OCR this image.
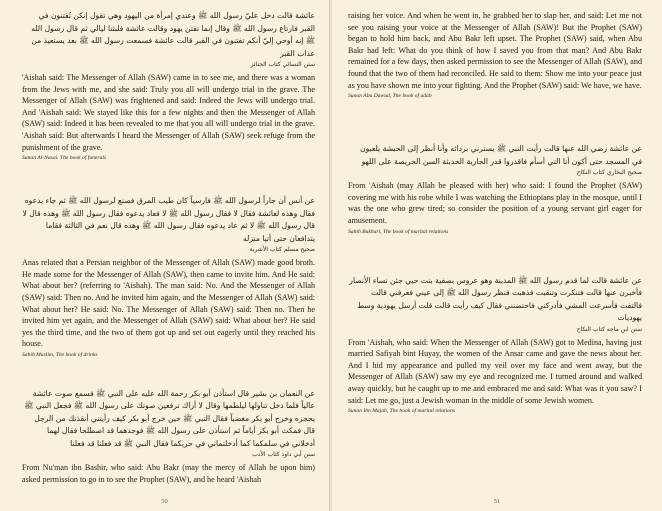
عائشة قالت دخل عليّ رسول الله ﷺ وعندي إمرأة من اليهود وهي تقول إنكن تُفتنون في القبر فارتاع رسول الله ﷺ وقال إنما تفتن يهود وقالت عائشة فلبثنا ليالي ثم قال رسول الله ﷺ إنه أوحي إليّ أنكم تفتنون في القبر قالت عائشة فسمعت رسول الله ﷺ بعد يستعيذ من عذاب القبر
سنن النسائي كتاب الجنائز

'Aishah said: The Messenger of Allah (SAW) came in to see me, and there was a woman from the Jews with me, and she said: Truly you all will undergo trial in the grave. The Messenger of Allah (SAW) was frightened and said: Indeed the Jews will undergo trial. And 'Aishah said: We stayed like this for a few nights and then the Messenger of Allah (SAW) said: Indeed it has been revealed to me that you all will undergo trial in the grave. 'Aishah said: But afterwards I heard the Messenger of Allah (SAW) seek refuge from the punishment of the grave.

Sunan Al-Nasai. The book of funerals

عن أنس أن جاراً لرسول الله ﷺ فارسياً كان طيب المرق فصنع لرسول الله ﷺ ثم جاء يدعوه فقال وهذه لعائشة فقال لا فقال رسول الله ﷺ لا فعاد يدعوه فقال رسول الله ﷺ وهذه قال لا قال رسول الله ﷺ لا ثم عاد يدعوه فقال رسول الله ﷺ وهذه قال نعم في الثالثة فقاما يتدافعان حتى أتيا منزله
صحيح مسلم كتاب الأشربة

Anas related that a Persian neighbor of the Messenger of Allah (SAW) made good broth. He made some for the Messenger of Allah (SAW), then came to invite him. And He said: What about her? (referring to 'Aishah). The man said: No. And the Messenger of Allah (SAW) said: Then no. And he invited him again, and the Messenger of Allah (SAW) said: What about her? He said: No. The Messenger of Allah (SAW) said: Then no. Then he invited him yet again, and the Messenger of Allah (SAW) said: What about her? He said yes the third time, and the two of them got up and set out eagerly until they reached his house.

Sahih Muslim, The book of drinks

عن النعمان بن بشير قال استأذن أبو بكر رحمة الله عليه على النبي ﷺ فسمع صوت عائشة عالياً فلما دخل تناولها ليلطمها وقال لا أراك ترفعين صوتك على رسول الله ﷺ فجعل النبي ﷺ يحجزه وخرج أبو بكر مغضباً فقال النبي ﷺ حين خرج أبو بكر كيف رأيتني أنقذتك من الرجل قال فمكث أبو بكر أياماً ثم استأذن على رسول الله ﷺ فوجدهما قد اصطلحا فقال لهما أدخلاني في سلمكما كما أدخلتماني في حربكما فقال النبي ﷺ قد فعلنا قد فعلنا
سنن أبي داود كتاب الأدب

From Nu'man ibn Bashir, who said: Abu Bakr (may the mercy of Allah be upon him) asked permission to go in to see the Prophet (SAW), and he heard 'Aishah

50

raising her voice. And when he went in, he grabbed her to slap her, and said: Let me not see you raising your voice at the Messenger of Allah (SAW)! But the Prophet (SAW) began to hold him back, and Abu Bakr left upset. The Prophet (SAW) said, when Abu Bakr had left: What do you think of how I saved you from that man? And Abu Bakr remained for a few days, then asked permission to see the Messenger of Allah (SAW), and found that the two of them had reconciled. He said to them: Show me into your peace just as you have shown me into your fighting. And the Prophet (SAW) said: We have, we have.

Sunan Abu Dawud, The book of adab

عن عائشة رضي الله عنها قالت رأيت النبي ﷺ يسترني بردائه وأنا أنظر إلى الحبشة يلعبون في المسجد حتى أكون أنا التي أسأم فاقدروا قدر الجارية الحديثة السن الحريصة على اللهو
صحيح البخاري كتاب النكاح

From 'Aishah (may Allah be pleased with her) who said: I found the Prophet (SAW) covering me with his robe while I was watching the Ethiopians play in the mosque, until I was the one who grew tired; so consider the position of a young servant girl eager for amusement.

Sahih Bukhari, The book of marital relations

عن عائشة قالت لما قدم رسول الله ﷺ المدينة وهو عروس بصفية بنت حيي جئن نساء الأنصار فأخبرن عنها قالت فتنكرت وتنقبت فذهبت فنظر رسول الله ﷺ إلى عيني فعرفني قالت فالتفت فأسرعت المشي فأدركني فاحتضنني فقال كيف رأيت قالت قلت أرسل يهودية وسط يهوديات
سنن ابن ماجه كتاب النكاح

From 'Aishah, who said: When the Messenger of Allah (SAW) got to Medina, having just married Safiyah bint Huyay, the women of the Ansar came and gave the news about her. And I hid my appearance and pulled my veil over my face and went away, but the Messenger of Allah (SAW) saw my eye and recognized me. I turned around and walked away quickly, but he caught up to me and embraced me and said: What was it you saw? I said: Let me go, just a Jewish woman in the middle of some Jewish women.

Sunan Ibn Majah, The book of marital relations

51
